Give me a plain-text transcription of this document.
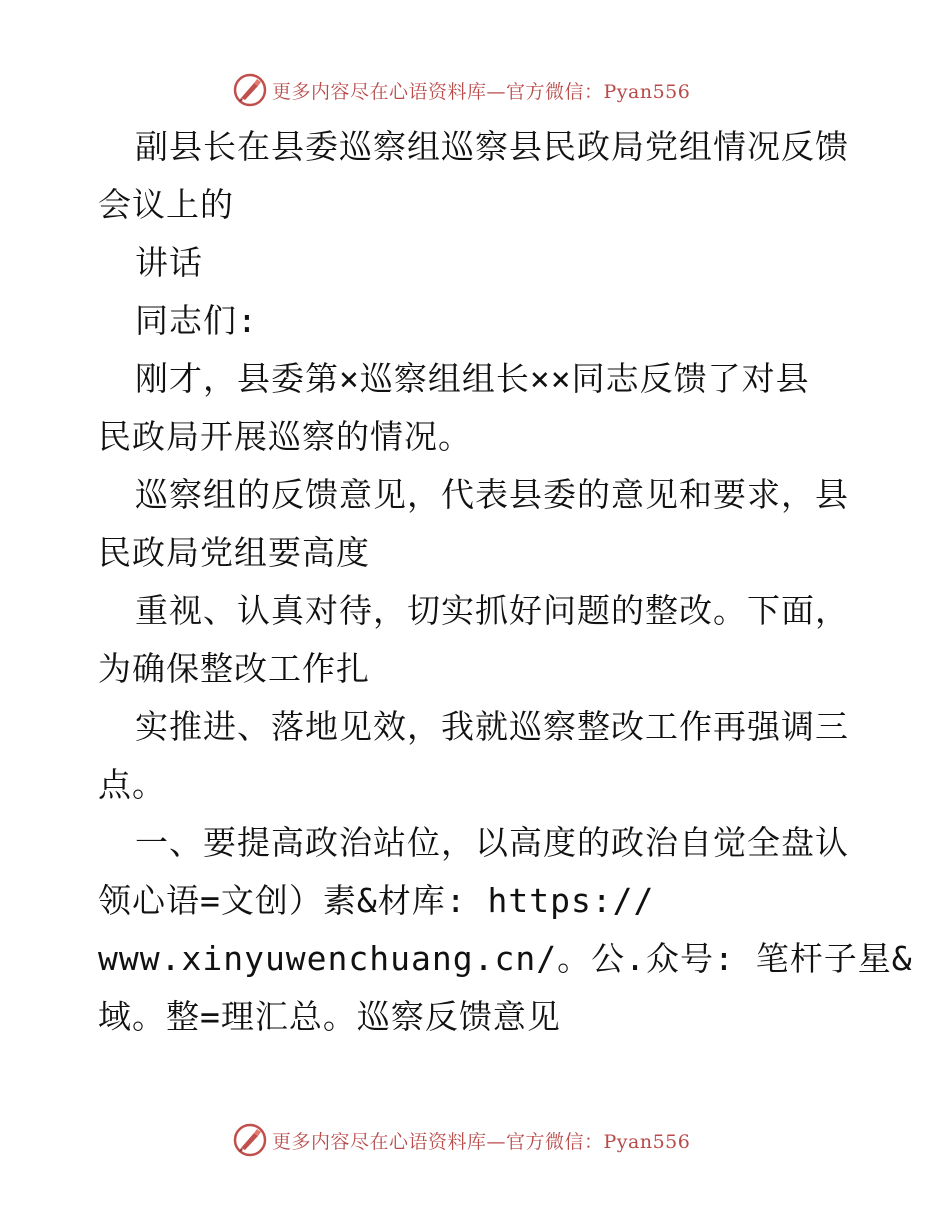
更多内容尽在心语资料库—官方微信：Pyan556

副县长在县委巡察组巡察县民政局党组情况反馈

会议上的

讲话

同志们:

刚才，县委第×巡察组组长××同志反馈了对县

民政局开展巡察的情况。

巡察组的反馈意见，代表县委的意见和要求，县

民政局党组要高度

重视、认真对待，切实抓好问题的整改。下面，

为确保整改工作扎

实推进、落地见效，我就巡察整改工作再强调三

点。

一、要提高政治站位，以高度的政治自觉全盘认

领心语=文创）素&材库: https://

www.xinyuwenchuang.cn/。公.众号: 笔杆子星&

域。整=理汇总。巡察反馈意见

更多内容尽在心语资料库—官方微信：Pyan556
